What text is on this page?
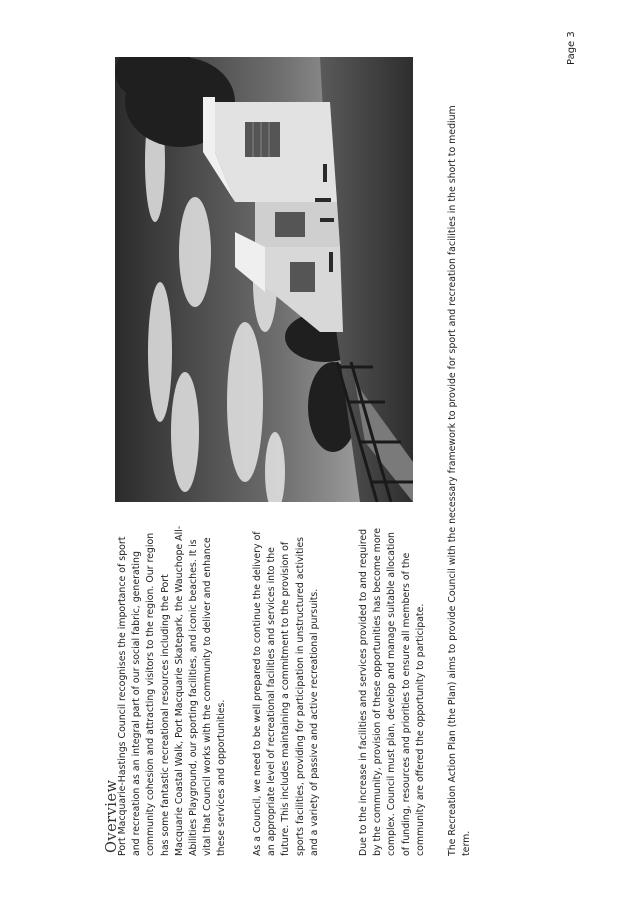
Overview

Port Macquarie-Hastings Council recognises the importance of sport and recreation as an integral part of our social fabric, generating community cohesion and attracting visitors to the region. Our region has some fantastic recreational resources including the Port Macquarie Coastal Walk, Port Macquarie Skatepark, the Wauchope All-Abilities Playground, our sporting facilities, and iconic beaches. It is vital that Council works with the community to deliver and enhance these services and opportunities.	As a Council, we need to be well prepared to continue the delivery of an appropriate level of recreational facilities and services into the future. This includes maintaining a commitment to the provision of sports facilities, providing for participation in unstructured activities and a variety of passive and active recreational pursuits.	Due to the increase in facilities and services provided to and required by the community, provision of these opportunities has become more complex. Council must plan, develop and manage suitable allocation of funding, resources and priorities to ensure all members of the community are offered the opportunity to participate. The Recreation Action Plan (the Plan) aims to provide Council with the necessary framework to provide for sport and recreation facilities in the short to medium term.

Page 3
